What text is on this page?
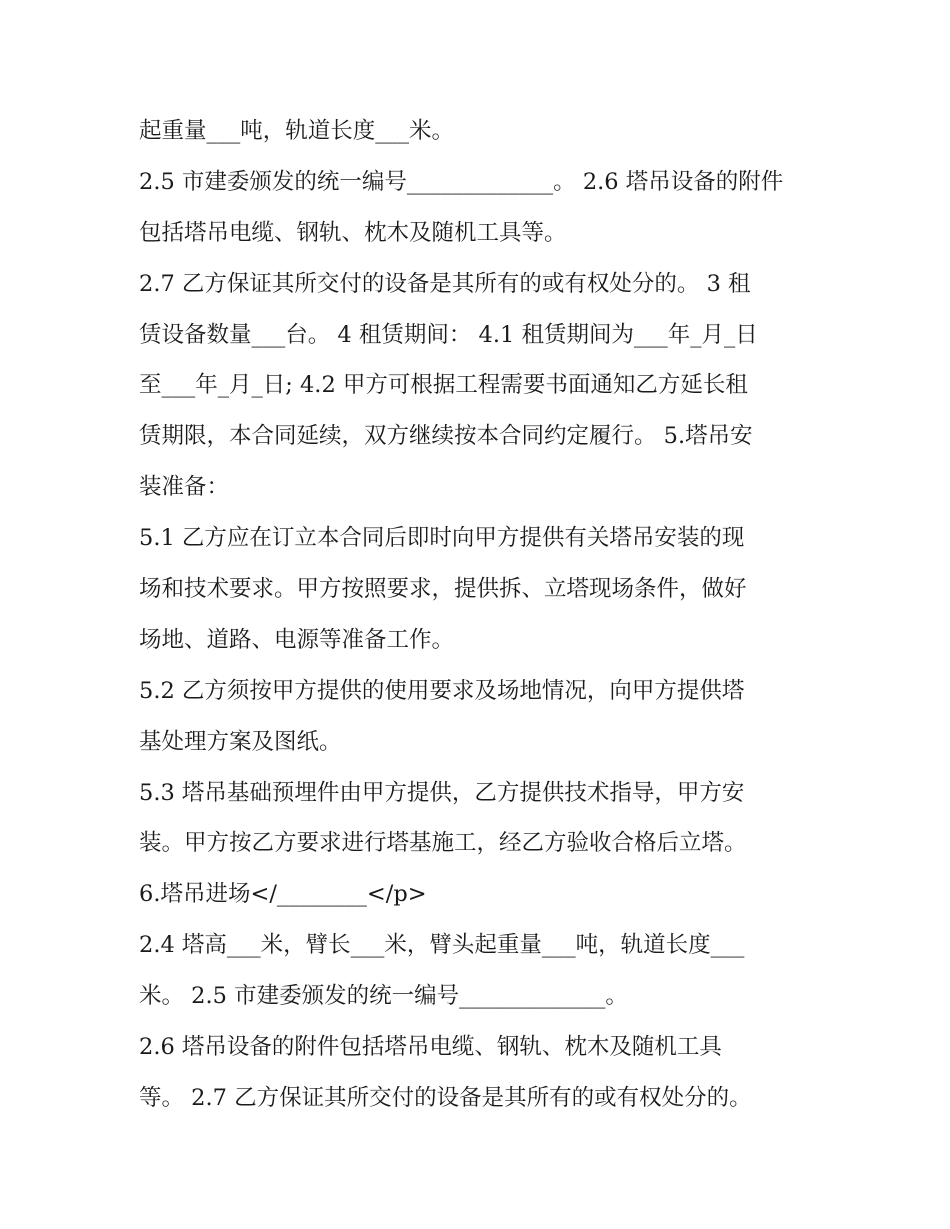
起重量___吨，轨道长度___米。
2.5 市建委颁发的统一编号_____________。 2.6 塔吊设备的附件
包括塔吊电缆、钢轨、枕木及随机工具等。
2.7 乙方保证其所交付的设备是其所有的或有权处分的。 3 租
赁设备数量___台。 4 租赁期间： 4.1 租赁期间为___年_月_日
至___年_月_日; 4.2 甲方可根据工程需要书面通知乙方延长租
赁期限，本合同延续，双方继续按本合同约定履行。 5.塔吊安
装准备：
5.1 乙方应在订立本合同后即时向甲方提供有关塔吊安装的现
场和技术要求。甲方按照要求，提供拆、立塔现场条件，做好
场地、道路、电源等准备工作。
5.2 乙方须按甲方提供的使用要求及场地情况，向甲方提供塔
基处理方案及图纸。
5.3 塔吊基础预埋件由甲方提供，乙方提供技术指导，甲方安
装。甲方按乙方要求进行塔基施工，经乙方验收合格后立塔。
6.塔吊进场</________</p>
2.4 塔高___米，臂长___米，臂头起重量___吨，轨道长度___
米。 2.5 市建委颁发的统一编号_____________。
2.6 塔吊设备的附件包括塔吊电缆、钢轨、枕木及随机工具
等。 2.7 乙方保证其所交付的设备是其所有的或有权处分的。
